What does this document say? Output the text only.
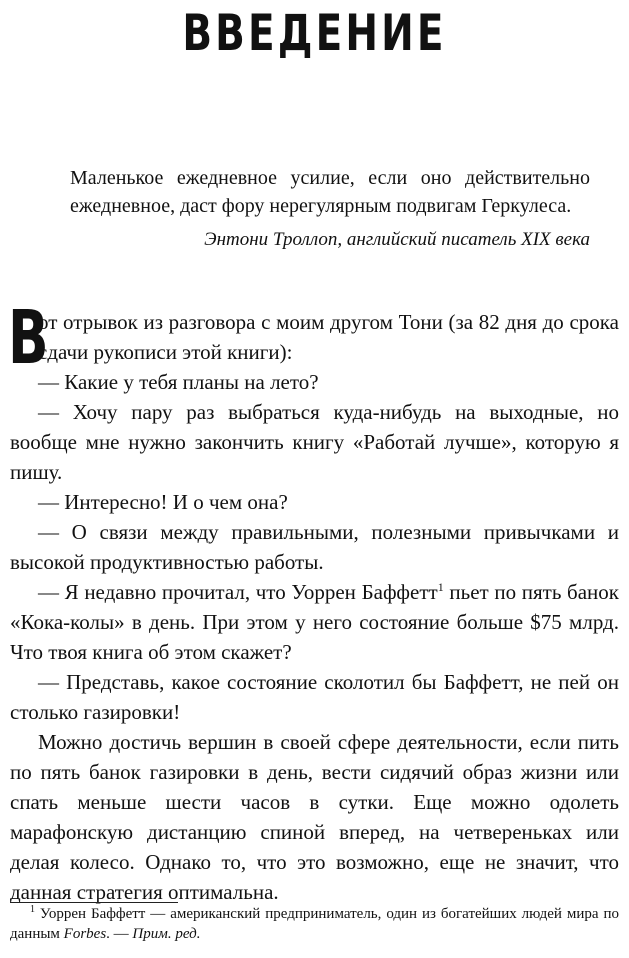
ВВЕДЕНИЕ
Маленькое ежедневное усилие, если оно действительно ежедневное, даст фору нерегулярным подвигам Геркулеса.
Энтони Троллоп, английский писатель XIX века

В
от отрывок из разговора с моим другом Тони (за 82 дня до срока сдачи рукописи этой книги):

— Какие у тебя планы на лето?

— Хочу пару раз выбраться куда-нибудь на выходные, но вообще мне нужно закончить книгу «Работай лучше», которую я пишу.

— Интересно! И о чем она?

— О связи между правильными, полезными привычками и высокой продуктивностью работы.

— Я недавно прочитал, что Уоррен Баффетт$^1$ пьет по пять банок «Кока-колы» в день. При этом у него состояние больше $75 млрд. Что твоя книга об этом скажет?

— Представь, какое состояние сколотил бы Баффетт, не пей он столько газировки!

Можно достичь вершин в своей сфере деятельности, если пить по пять банок газировки в день, вести сидячий образ жизни или спать меньше шести часов в сутки. Еще можно одолеть марафонскую дистанцию спиной вперед, на четвереньках или делая колесо. Однако то, что это возможно, еще не значит, что данная стратегия оптимальна.

$^1$ Уоррен Баффетт — американский предприниматель, один из богатейших людей мира по данным Forbes. — Прим. ред.
